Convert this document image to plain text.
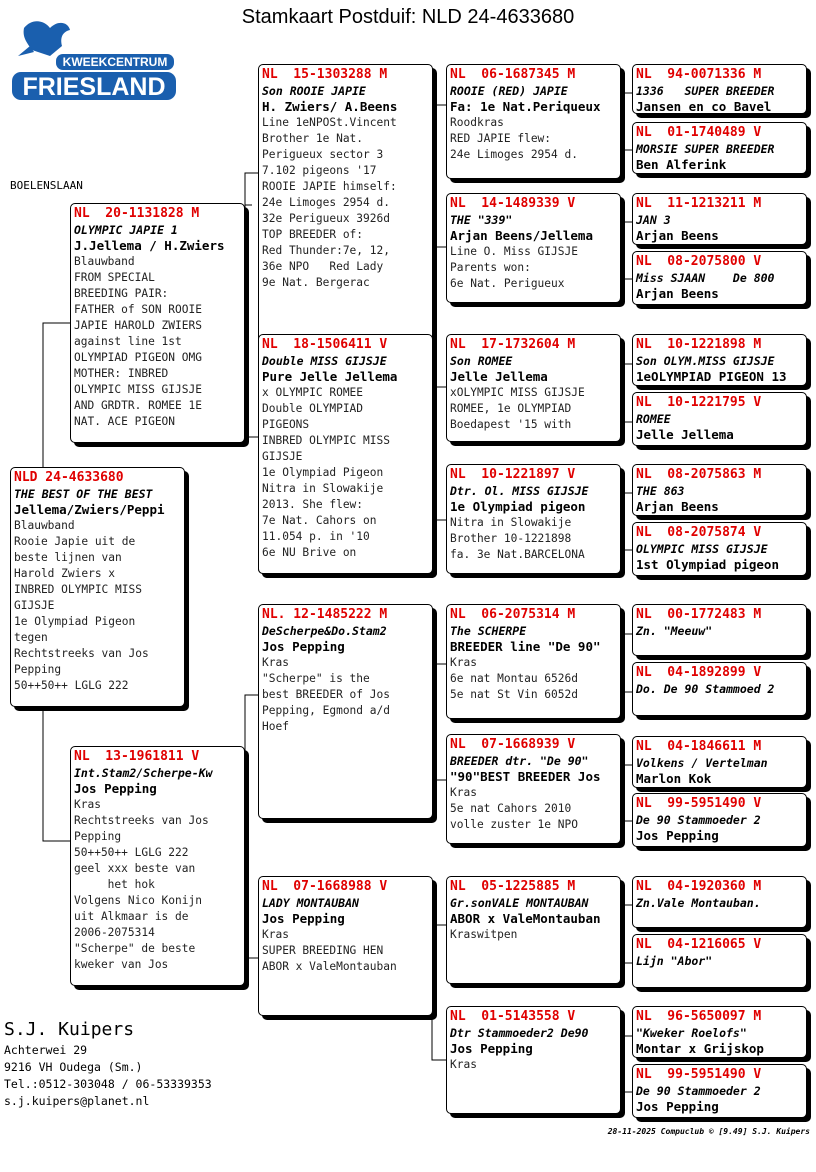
Stamkaart Postduif: NLD 24-4633680
KWEEKCENTRUM
FRIESLAND
BOELENSLAAN
NLD 24-4633680
THE BEST OF THE BEST
Jellema/Zwiers/Peppi
Blauwband
Rooie Japie uit de
beste lijnen van
Harold Zwiers x
INBRED OLYMPIC MISS
GIJSJE
1e Olympiad Pigeon
tegen
Rechtstreeks van Jos
Pepping
50++50++ LGLG 222
NL  20-1131828 M
OLYMPIC JAPIE 1
J.Jellema / H.Zwiers
Blauwband
FROM SPECIAL
BREEDING PAIR:
FATHER of SON ROOIE
JAPIE HAROLD ZWIERS
against line 1st
OLYMPIAD PIGEON OMG
MOTHER: INBRED
OLYMPIC MISS GIJSJE
AND GRDTR. ROMEE 1E
NAT. ACE PIGEON
NL  13-1961811 V
Int.Stam2/Scherpe-Kw
Jos Pepping
Kras
Rechtstreeks van Jos
Pepping
50++50++ LGLG 222
geel xxx beste van
het hok
Volgens Nico Konijn
uit Alkmaar is de
2006-2075314
"Scherpe" de beste
kweker van Jos
NL  15-1303288 M
Son ROOIE JAPIE
H. Zwiers/ A.Beens
Line 1eNPOSt.Vincent
Brother 1e Nat.
Perigueux sector 3
7.102 pigeons '17
ROOIE JAPIE himself:
24e Limoges 2954 d.
32e Perigueux 3926d
TOP BREEDER of:
Red Thunder:7e, 12,
36e NPO   Red Lady
9e Nat. Bergerac
NL  18-1506411 V
Double MISS GIJSJE
Pure Jelle Jellema
x OLYMPIC ROMEE
Double OLYMPIAD
PIGEONS
INBRED OLYMPIC MISS
GIJSJE
1e Olympiad Pigeon
Nitra in Slowakije
2013. She flew:
7e Nat. Cahors on
11.054 p. in '10
6e NU Brive on
NL. 12-1485222 M
DeScherpe&Do.Stam2
Jos Pepping
Kras
"Scherpe" is the
best BREEDER of Jos
Pepping, Egmond a/d
Hoef
NL  07-1668988 V
LADY MONTAUBAN
Jos Pepping
Kras
SUPER BREEDING HEN
ABOR x ValeMontauban
NL  06-1687345 M
ROOIE (RED) JAPIE
Fa: 1e Nat.Periqueux
Roodkras
RED JAPIE flew:
24e Limoges 2954 d.
NL  14-1489339 V
THE "339"
Arjan Beens/Jellema
Line O. Miss GIJSJE
Parents won:
6e Nat. Perigueux
NL  17-1732604 M
Son ROMEE
Jelle Jellema
xOLYMPIC MISS GIJSJE
ROMEE, 1e OLYMPIAD
Boedapest '15 with
NL  10-1221897 V
Dtr. Ol. MISS GIJSJE
1e Olympiad pigeon
Nitra in Slowakije
Brother 10-1221898
fa. 3e Nat.BARCELONA
NL  06-2075314 M
The SCHERPE
BREEDER line "De 90"
Kras
6e nat Montau 6526d
5e nat St Vin 6052d
NL  07-1668939 V
BREEDER dtr. "De 90"
"90"BEST BREEDER Jos
Kras
5e nat Cahors 2010
volle zuster 1e NPO
NL  05-1225885 M
Gr.sonVALE MONTAUBAN
ABOR x ValeMontauban
Kraswitpen
NL  01-5143558 V
Dtr Stammoeder2 De90
Jos Pepping
Kras
NL  94-0071336 M
1336   SUPER BREEDER
Jansen en co Bavel
NL  01-1740489 V
MORSIE SUPER BREEDER
Ben Alferink
NL  11-1213211 M
JAN 3
Arjan Beens
NL  08-2075800 V
Miss SJAAN    De 800
Arjan Beens
NL  10-1221898 M
Son OLYM.MISS GIJSJE
1eOLYMPIAD PIGEON 13
NL  10-1221795 V
ROMEE
Jelle Jellema
NL  08-2075863 M
THE 863
Arjan Beens
NL  08-2075874 V
OLYMPIC MISS GIJSJE
1st Olympiad pigeon
NL  00-1772483 M
Zn. "Meeuw"
NL  04-1892899 V
Do. De 90 Stammoed 2
NL  04-1846611 M
Volkens / Vertelman
Marlon Kok
NL  99-5951490 V
De 90 Stammoeder 2
Jos Pepping
NL  04-1920360 M
Zn.Vale Montauban.
NL  04-1216065 V
Lijn "Abor"
NL  96-5650097 M
"Kweker Roelofs"
Montar x Grijskop
NL  99-5951490 V
De 90 Stammoeder 2
Jos Pepping
S.J. Kuipers
Achterwei 29
9216 VH Oudega (Sm.)
Tel.:0512-303048 / 06-53339353
s.j.kuipers@planet.nl
28-11-2025 Compuclub © [9.49] S.J. Kuipers
